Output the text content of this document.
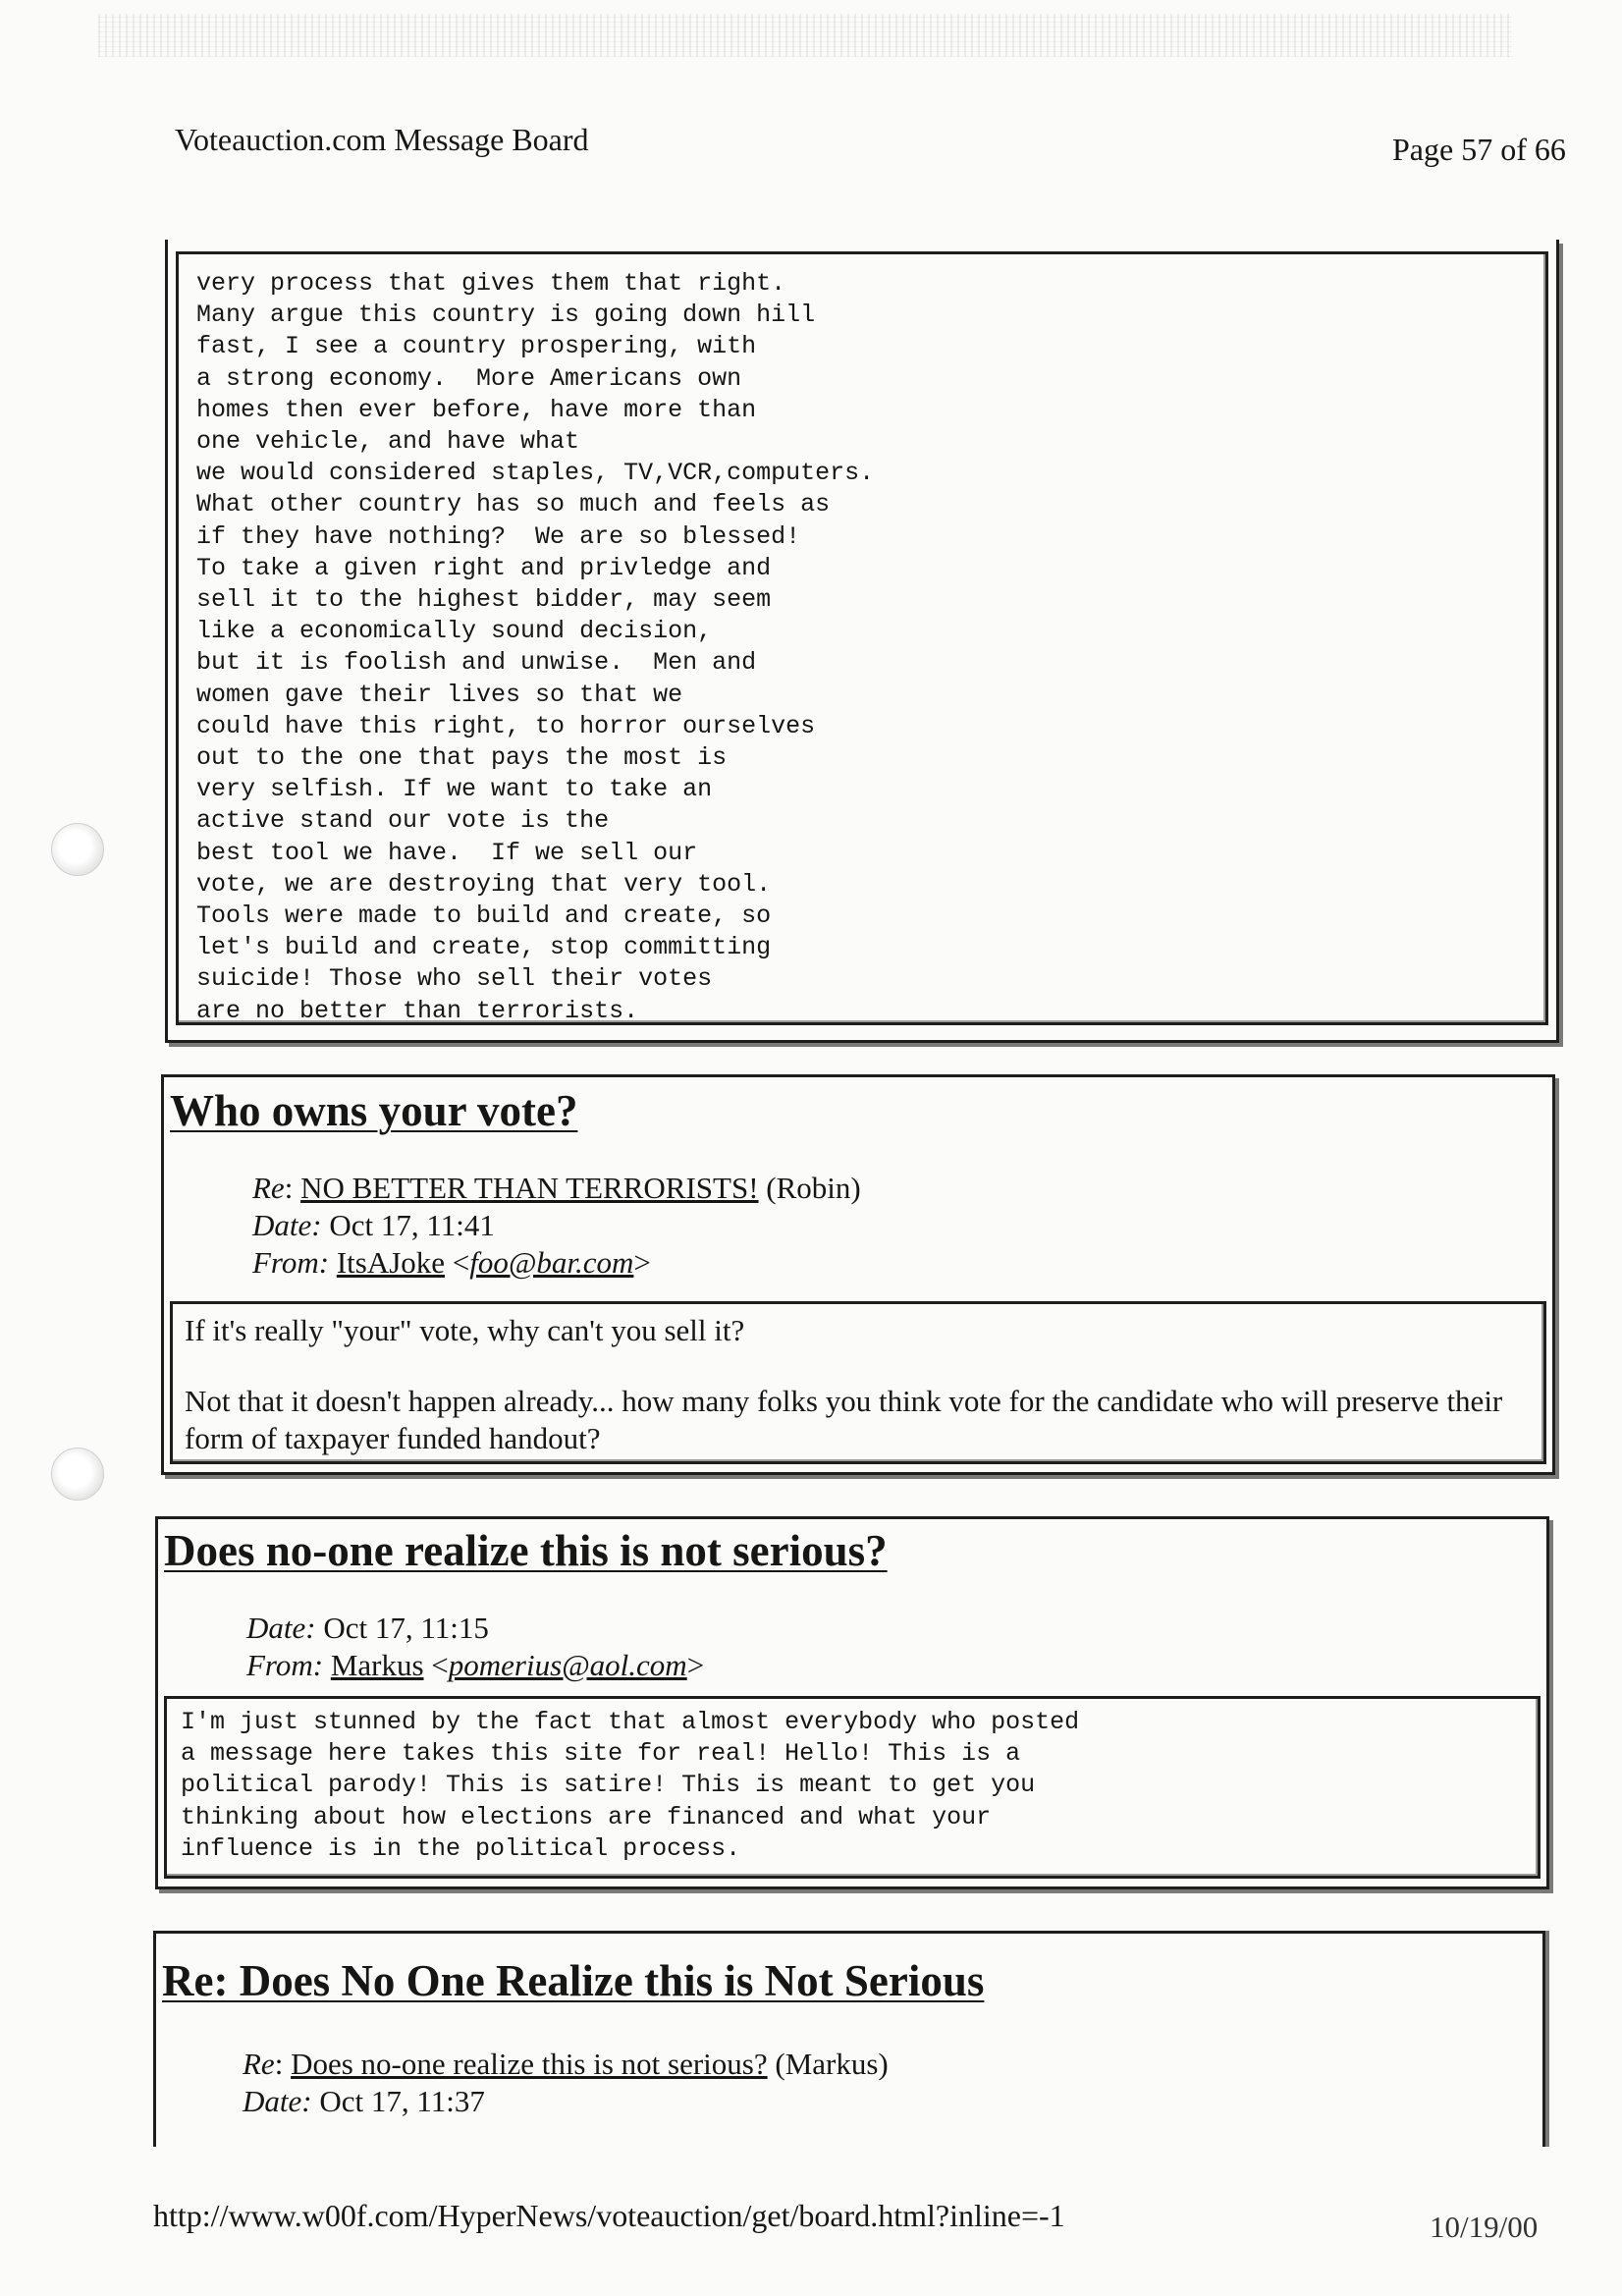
Voteauction.com Message Board	Page 57 of 66
very process that gives them that right.
Many argue this country is going down hill
fast, I see a country prospering, with
a strong economy.  More Americans own
homes then ever before, have more than
one vehicle, and have what
we would considered staples, TV,VCR,computers.
What other country has so much and feels as
if they have nothing?  We are so blessed!
To take a given right and privledge and
sell it to the highest bidder, may seem
like a economically sound decision,
but it is foolish and unwise.  Men and
women gave their lives so that we
could have this right, to horror ourselves
out to the one that pays the most is
very selfish. If we want to take an
active stand our vote is the
best tool we have.  If we sell our
vote, we are destroying that very tool.
Tools were made to build and create, so
let's build and create, stop committing
suicide! Those who sell their votes
are no better than terrorists.
Who owns your vote?
Re: NO BETTER THAN TERRORISTS! (Robin)
Date: Oct 17, 11:41
From: ItsAJoke <foo@bar.com>
If it's really "your" vote, why can't you sell it?
Not that it doesn't happen already... how many folks you think vote for the candidate who will preserve their form of taxpayer funded handout?
Does no-one realize this is not serious?
Date: Oct 17, 11:15
From: Markus <pomerius@aol.com>
I'm just stunned by the fact that almost everybody who posted
a message here takes this site for real! Hello! This is a
political parody! This is satire! This is meant to get you
thinking about how elections are financed and what your
influence is in the political process.
Re: Does No One Realize this is Not Serious
Re: Does no-one realize this is not serious? (Markus)
Date: Oct 17, 11:37
http://www.w00f.com/HyperNews/voteauction/get/board.html?inline=-1	10/19/00
